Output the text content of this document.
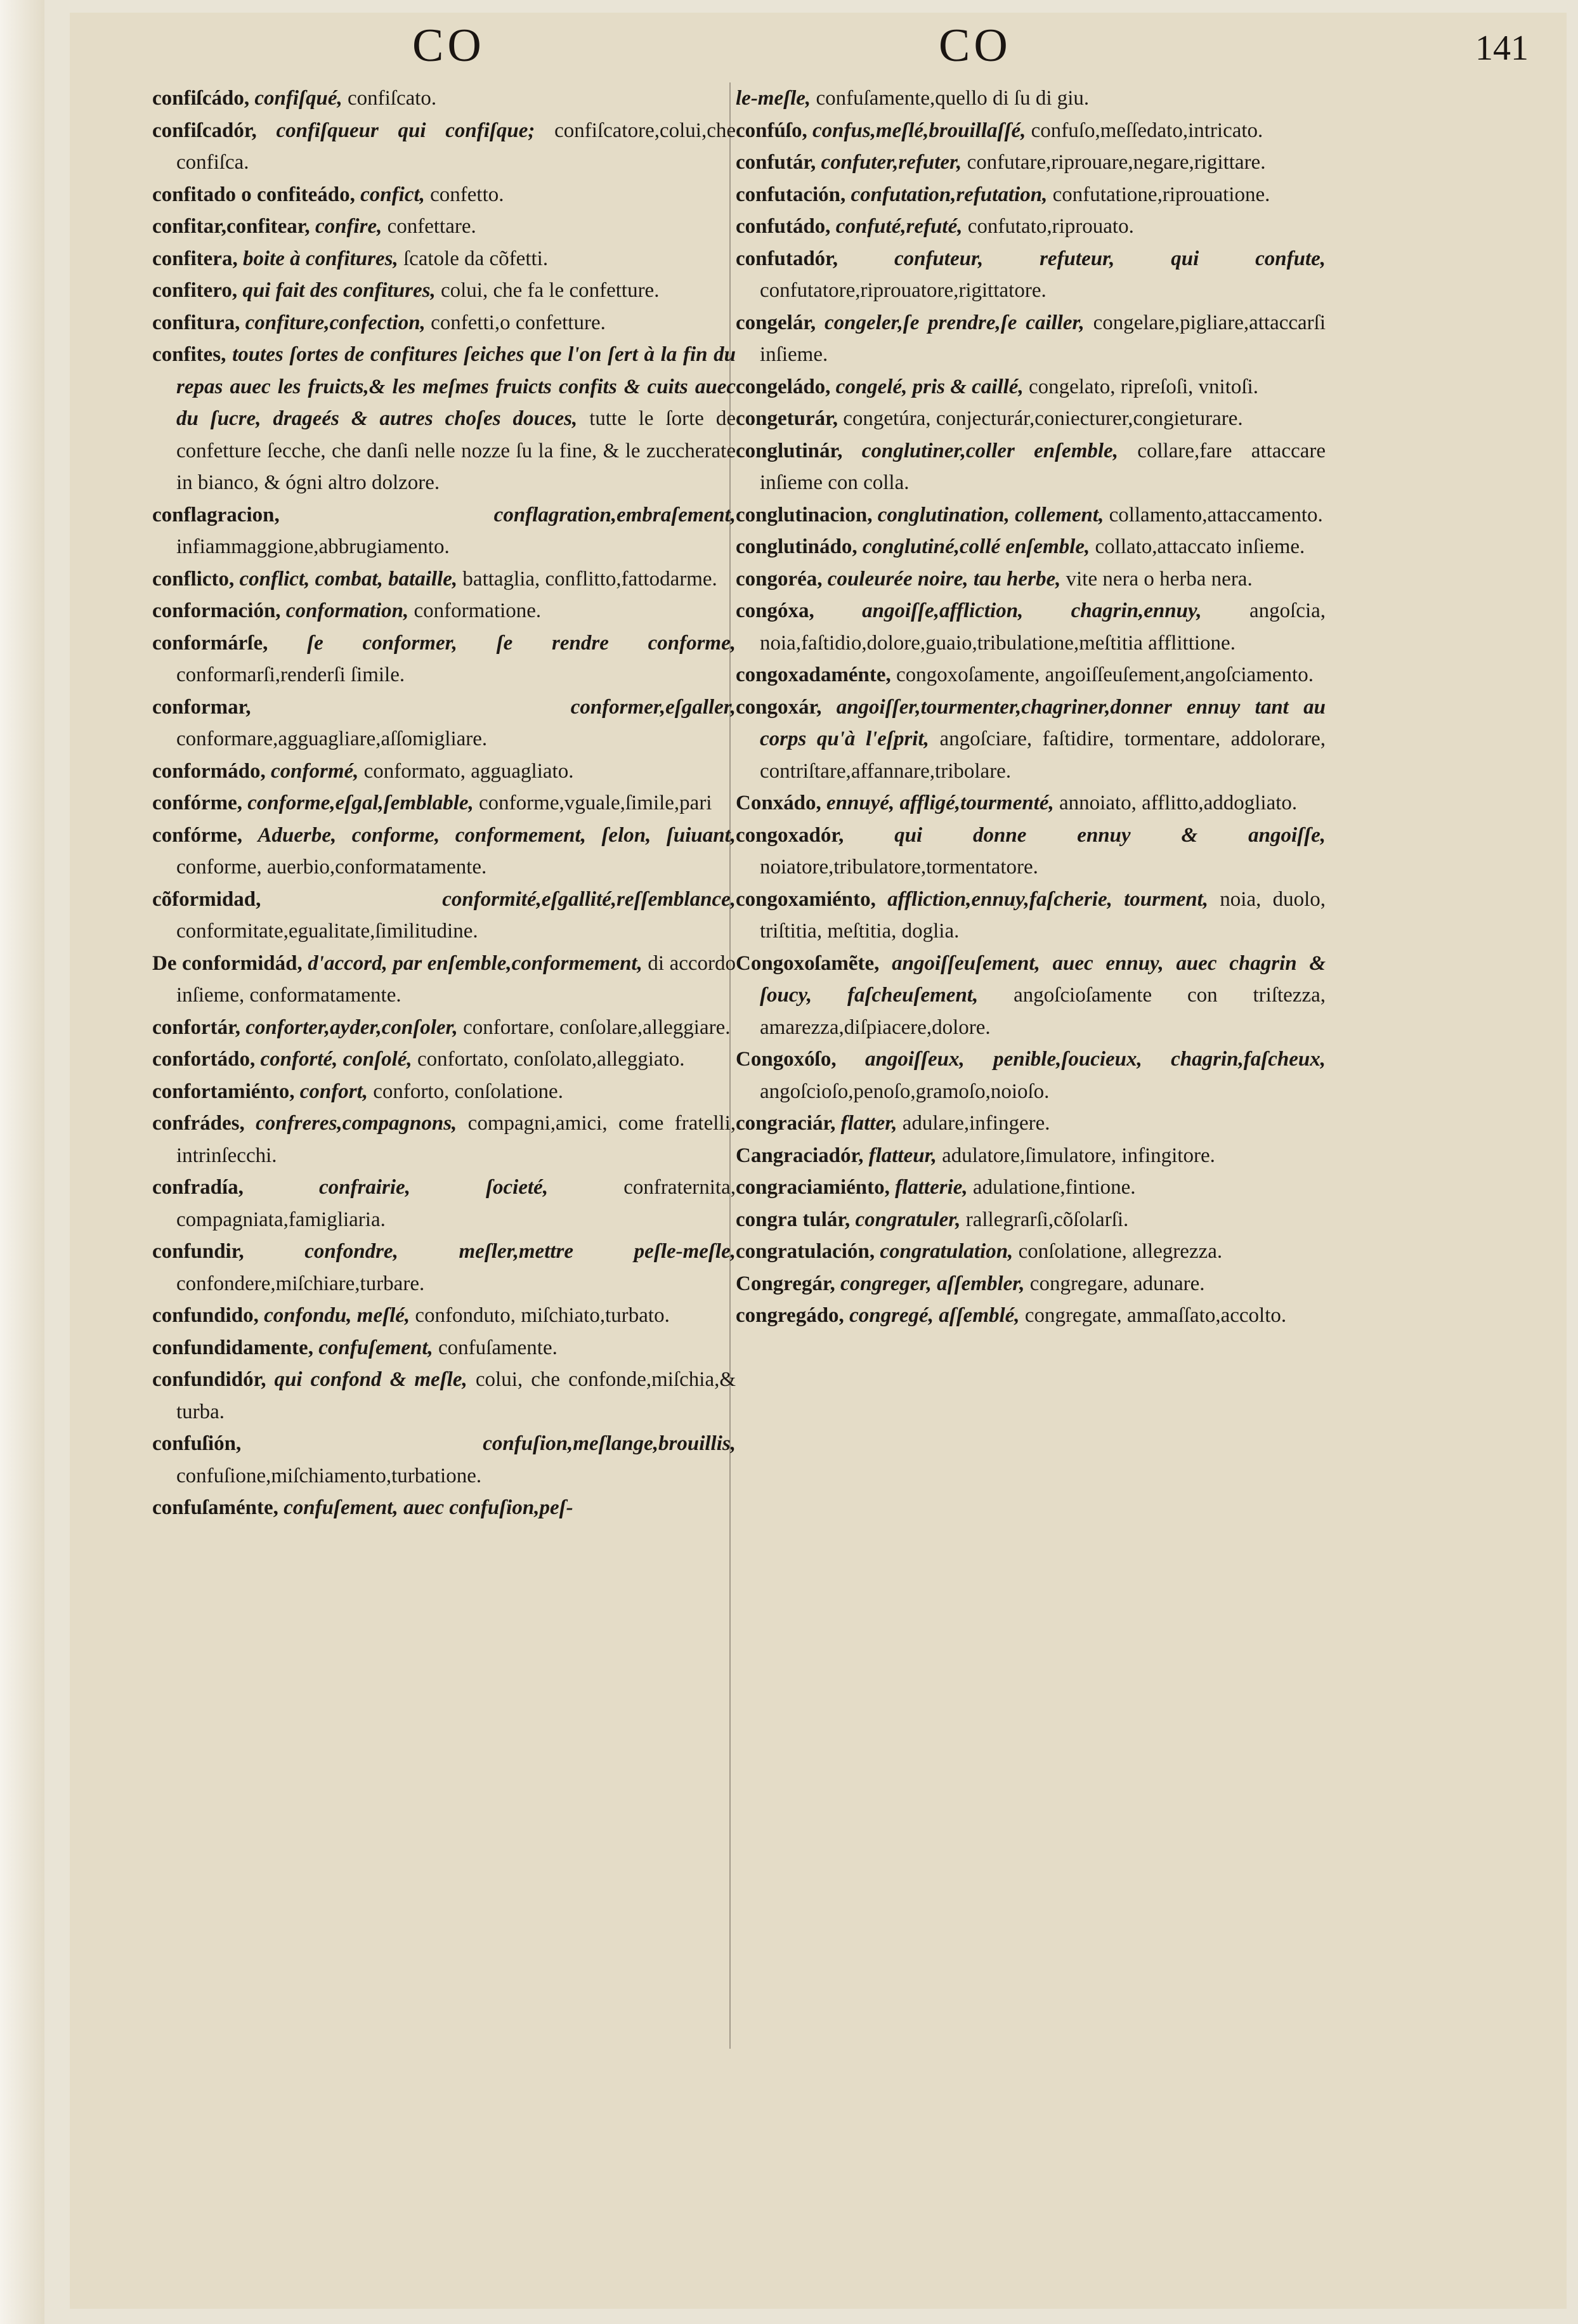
CO	CO	141

confiſcádo, confiſqué, confiſcato.

confiſcadór, confiſqueur qui confiſque; confiſcatore,colui,che confiſca.

confitado o confiteádo, confict, confetto.

confitar,confitear, confire, confettare.

confitera, boite à confitures, ſcatole da cõfetti.

confitero, qui fait des confitures, colui, che fa le confetture.

confitura, confiture,confection, confetti,o confetture.

confites, toutes ſortes de confitures ſeiches que l'on ſert à la fin du repas auec les fruicts,& les meſmes fruicts confits & cuits auec du ſucre, drageés & autres choſes douces, tutte le ſorte de confetture ſecche, che danſi nelle nozze ſu la fine, & le zuccherate in bianco, & ógni altro dolzore.

conflagracion,	conflagration,embraſement, infiammaggione,abbrugiamento.

conflicto, conflict, combat, bataille, battaglia, conflitto,fattodarme.

conformación, conformation, conformatione.

conformárſe, ſe conformer, ſe rendre conforme, conformarſi,renderſi ſimile.

conformar,	conformer,eſgaller, conformare,agguagliare,aſſomigliare.

conformádo, conformé, conformato, agguagliato.

confórme, conforme,eſgal,ſemblable, conforme,vguale,ſimile,pari

confórme, Aduerbe, conforme, conformement, ſelon, ſuiuant, conforme, auerbio,conformatamente.

cõformidad,	conformité,eſgallité,reſſemblance, conformitate,egualitate,ſimilitudine.

De conformidád, d'accord, par enſemble,conformement, di accordo inſieme, conformatamente.

confortár, conforter,ayder,conſoler, confortare, conſolare,alleggiare.

confortádo, conforté, conſolé, confortato, conſolato,alleggiato.

confortamiénto, confort, conforto, conſolatione.

confrádes, confreres,compagnons, compagni,amici, come fratelli, intrinſecchi.

confradía,	confrairie, ſocieté,	confraternita, compagniata,famigliaria.

confundir,	confondre, meſler,mettre peſle-meſle, confondere,miſchiare,turbare.

confundido, confondu, meſlé, confonduto, miſchiato,turbato.

confundidamente, confuſement, confuſamente.

confundidór, qui confond & meſle, colui, che confonde,miſchia,& turba.

confuſión,	confuſion,meſlange,brouillis, confuſione,miſchiamento,turbatione.

confuſaménte, confuſement, auec confuſion,peſ-

le-meſle, confuſamente,quello di ſu di giu.

confúſo, confus,meſlé,brouillaſſé, confuſo,meſſedato,intricato.

confutár, confuter,refuter, confutare,riprouare,negare,rigittare.

confutación, confutation,refutation, confutatione,riprouatione.

confutádo, confuté,refuté, confutato,riprouato.

confutadór,	confuteur, refuteur, qui confute, confutatore,riprouatore,rigittatore.

congelár, congeler,ſe prendre,ſe cailler, congelare,pigliare,attaccarſi inſieme.

congeládo, congelé, pris & caillé, congelato, ripreſoſi, vnitoſi.

congeturár, congetúra, conjecturár,coniecturer,congieturare.

conglutinár, conglutiner,coller enſemble, collare,fare attaccare inſieme con colla.

conglutinacion, conglutination, collement, collamento,attaccamento.

conglutinádo, conglutiné,collé enſemble, collato,attaccato inſieme.

congoréa, couleurée noire, tau herbe, vite nera o herba nera.

congóxa, angoiſſe,affliction, chagrin,ennuy, angoſcia, noia,faſtidio,dolore,guaio,tribulatione,meſtitia afflittione.

congoxadaménte, congoxoſamente, angoiſſeuſement,angoſciamento.

congoxár, angoiſſer,tourmenter,chagriner,donner ennuy tant au corps qu'à l'eſprit, angoſciare, faſtidire, tormentare, addolorare, contriſtare,affannare,tribolare.

Conxádo, ennuyé, affligé,tourmenté, annoiato, afflitto,addogliato.

congoxadór, qui donne ennuy & angoiſſe, noiatore,tribulatore,tormentatore.

congoxamiénto, affliction,ennuy,faſcherie, tourment, noia, duolo, triſtitia, meſtitia, doglia.

Congoxoſamẽte, angoiſſeuſement, auec ennuy, auec chagrin & ſoucy, faſcheuſement, angoſcioſamente con triſtezza, amarezza,diſpiacere,dolore.

Congoxóſo, angoiſſeux, penible,ſoucieux, chagrin,faſcheux, angoſcioſo,penoſo,gramoſo,noioſo.

congraciár, flatter, adulare,infingere.

Cangraciadór, flatteur, adulatore,ſimulatore, infingitore.

congraciamiénto, flatterie, adulatione,fintione.

congra tulár, congratuler, rallegrarſi,cõſolarſi.

congratulación, congratulation, conſolatione, allegrezza.

Congregár, congreger, aſſembler, congregare, adunare.

congregádo, congregé, aſſemblé, congregate, ammaſſato,accolto.
